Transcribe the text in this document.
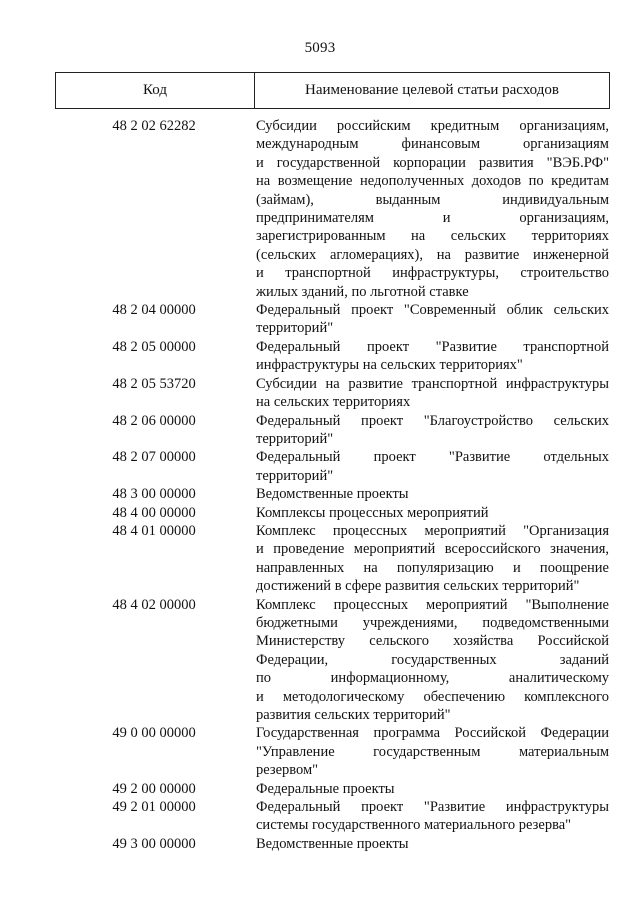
5093
Код	Наименование целевой статьи расходов
48 2 02 62282	Субсидии российским кредитным организациям,
международным финансовым организациям
и государственной корпорации развития "ВЭБ.РФ"
на возмещение недополученных доходов по кредитам
(займам), выданным индивидуальным
предпринимателям и организациям,
зарегистрированным на сельских территориях
(сельских агломерациях), на развитие инженерной
и транспортной инфраструктуры, строительство
жилых зданий, по льготной ставке
48 2 04 00000	Федеральный проект "Современный облик сельских
территорий"
48 2 05 00000	Федеральный проект "Развитие транспортной
инфраструктуры на сельских территориях"
48 2 05 53720	Субсидии на развитие транспортной инфраструктуры
на сельских территориях
48 2 06 00000	Федеральный проект "Благоустройство сельских
территорий"
48 2 07 00000	Федеральный проект "Развитие отдельных
территорий"
48 3 00 00000	Ведомственные проекты
48 4 00 00000	Комплексы процессных мероприятий
48 4 01 00000	Комплекс процессных мероприятий "Организация
и проведение мероприятий всероссийского значения,
направленных на популяризацию и поощрение
достижений в сфере развития сельских территорий"
48 4 02 00000	Комплекс процессных мероприятий "Выполнение
бюджетными учреждениями, подведомственными
Министерству сельского хозяйства Российской
Федерации, государственных заданий
по информационному, аналитическому
и методологическому обеспечению комплексного
развития сельских территорий"
49 0 00 00000	Государственная программа Российской Федерации
"Управление государственным материальным
резервом"
49 2 00 00000	Федеральные проекты
49 2 01 00000	Федеральный проект "Развитие инфраструктуры
системы государственного материального резерва"
49 3 00 00000	Ведомственные проекты
